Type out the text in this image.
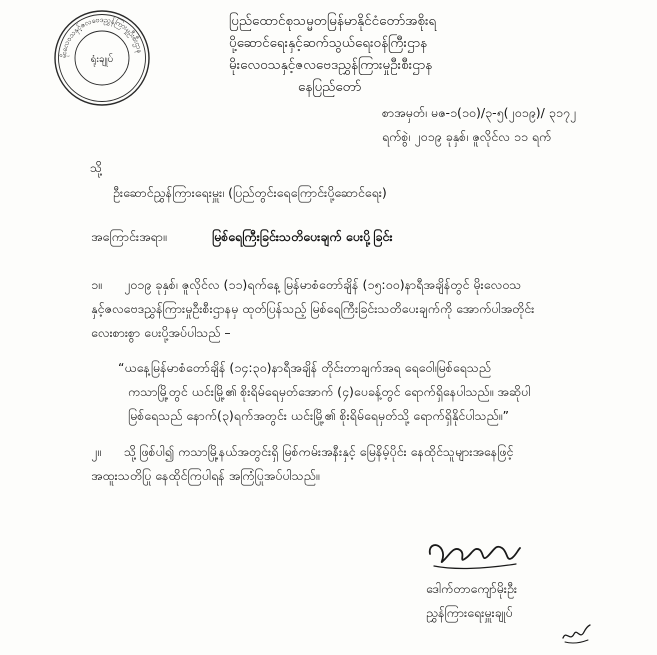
မိုးလေဝသနှင့်ဇလဗေဒညွှန်ကြားမှုဦးစီးဌာန
ရုံးချုပ်
ပြည်ထောင်စုသမ္မတမြန်မာနိုင်ငံတော်အစိုးရ
ပို့ဆောင်ရေးနှင့်ဆက်သွယ်ရေးဝန်ကြီးဌာန
မိုးလေဝသနှင့်ဇလဗေဒညွှန်ကြားမှုဦးစီးဌာန
နေပြည်တော်
စာအမှတ်၊ မဇ-၁(၁၀)/၃-၅(၂၀၁၉)/ ၃၁၇၂
ရက်စွဲ၊ ၂၀၁၉ ခုနှစ်၊ ဇူလိုင်လ ၁၁ ရက်
သို့
ဦးဆောင်ညွှန်ကြားရေးမှူး၊ (ပြည်တွင်းရေကြောင်းပို့ဆောင်ရေး)
အကြောင်းအရာ။	မြစ်ရေကြီးခြင်းသတိပေးချက် ပေးပို့ခြင်း
၁။ ၂၀၁၉ ခုနှစ်၊ ဇူလိုင်လ (၁၁)ရက်နေ့ မြန်မာစံတော်ချိန် (၁၅:၀၀)နာရီအချိန်တွင် မိုးလေဝသ
နှင့်ဇလဗေဒညွှန်ကြားမှုဦးစီးဌာနမှ ထုတ်ပြန်သည့် မြစ်ရေကြီးခြင်းသတိပေးချက်ကို အောက်ပါအတိုင်း
လေးစားစွာ ပေးပို့အပ်ပါသည် –
“ယနေ့မြန်မာစံတော်ချိန် (၁၄:၃၀)နာရီအချိန် တိုင်းတာချက်အရ ရေဝေါ၊မြစ်ရေသည်
ကသာမြို့တွင် ယင်းမြို့၏ စိုးရိမ်ရေမှတ်အောက် (၄)ပေခန့်တွင် ရောက်ရှိနေပါသည်။ အဆိုပါ
မြစ်ရေသည် နောက်(၃)ရက်အတွင်း ယင်းမြို့၏ စိုးရိမ်ရေမှတ်သို့ ရောက်ရှိနိုင်ပါသည်။”
၂။ သို့ဖြစ်ပါ၍ ကသာမြို့နယ်အတွင်းရှိ မြစ်ကမ်းအနီးနှင့် မြေနိမ့်ပိုင်း နေထိုင်သူများအနေဖြင့်
အထူးသတိပြု နေထိုင်ကြပါရန် အကြံပြုအပ်ပါသည်။
ဒေါက်တာကျော်မိုးဦး
ညွှန်ကြားရေးမှူးချုပ်
